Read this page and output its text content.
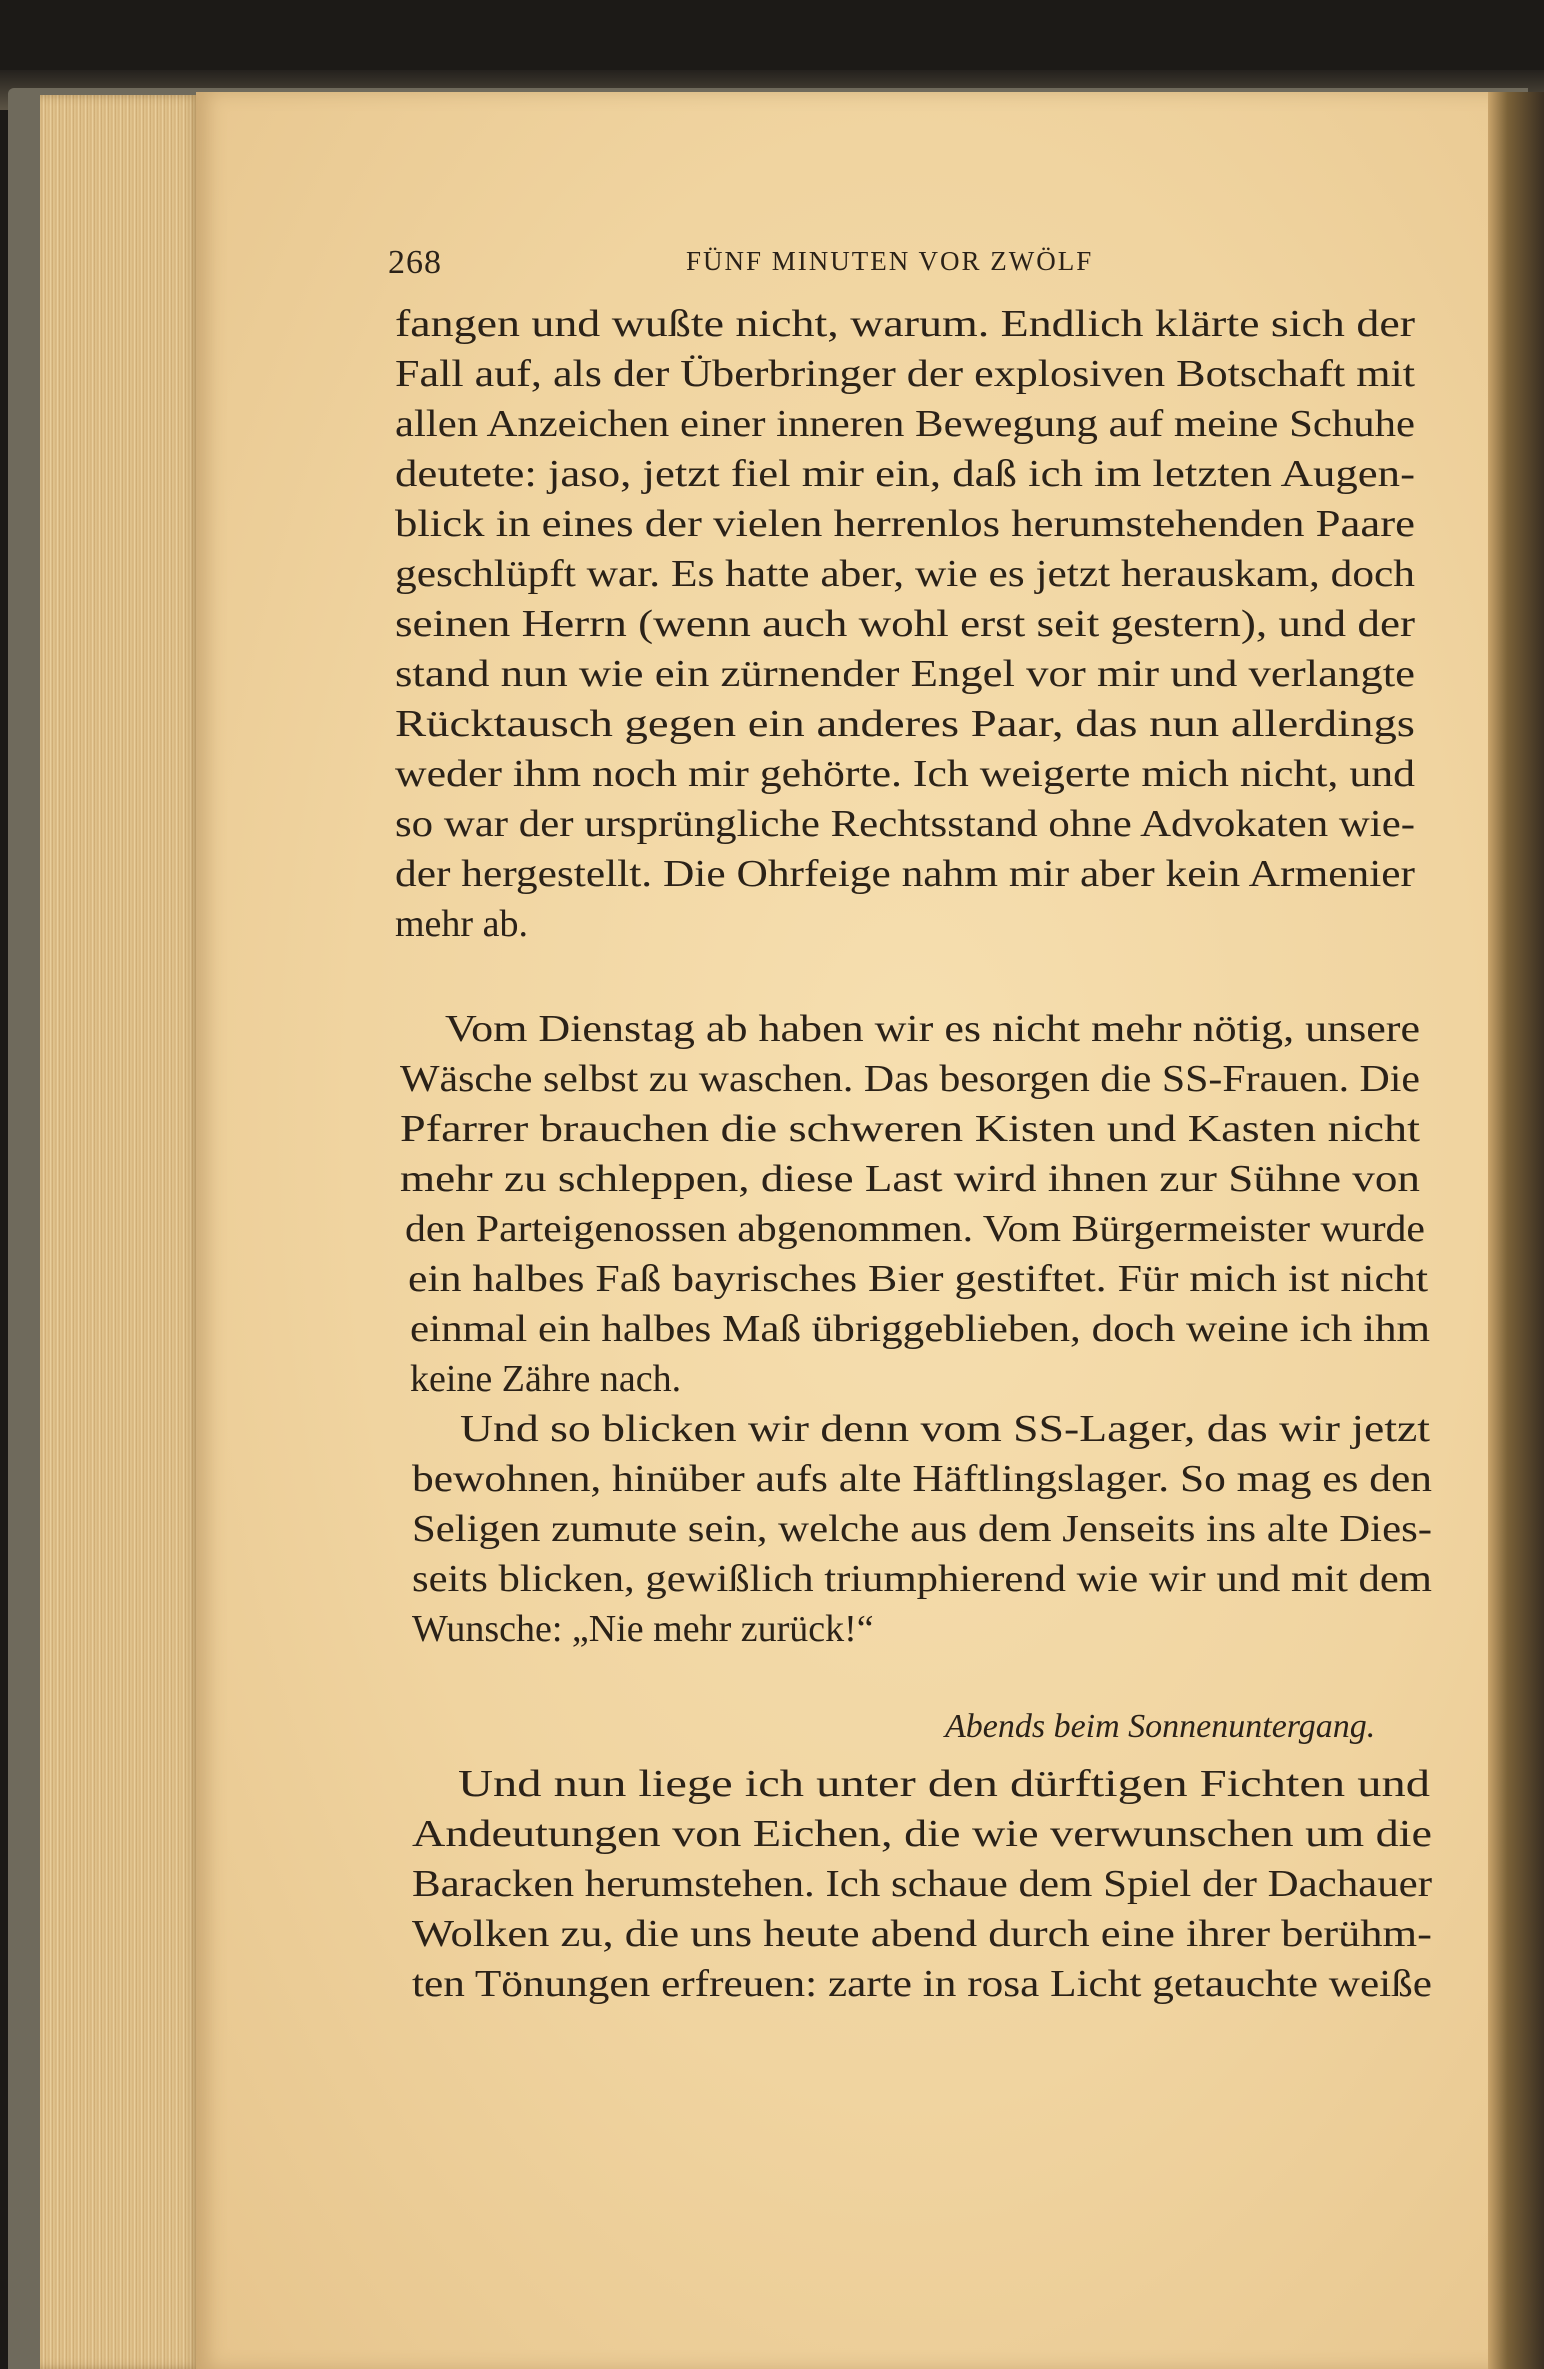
268	FÜNF MINUTEN VOR ZWÖLF
fangen und wußte nicht, warum. Endlich klärte sich der
Fall auf, als der Überbringer der explosiven Botschaft mit
allen Anzeichen einer inneren Bewegung auf meine Schuhe
deutete: jaso, jetzt fiel mir ein, daß ich im letzten Augen-
blick in eines der vielen herrenlos herumstehenden Paare
geschlüpft war. Es hatte aber, wie es jetzt herauskam, doch
seinen Herrn (wenn auch wohl erst seit gestern), und der
stand nun wie ein zürnender Engel vor mir und verlangte
Rücktausch gegen ein anderes Paar, das nun allerdings
weder ihm noch mir gehörte. Ich weigerte mich nicht, und
so war der ursprüngliche Rechtsstand ohne Advokaten wie-
der hergestellt. Die Ohrfeige nahm mir aber kein Armenier
mehr ab.
Vom Dienstag ab haben wir es nicht mehr nötig, unsere
Wäsche selbst zu waschen. Das besorgen die SS-Frauen. Die
Pfarrer brauchen die schweren Kisten und Kasten nicht
mehr zu schleppen, diese Last wird ihnen zur Sühne von
den Parteigenossen abgenommen. Vom Bürgermeister wurde
ein halbes Faß bayrisches Bier gestiftet. Für mich ist nicht
einmal ein halbes Maß übriggeblieben, doch weine ich ihm
keine Zähre nach.
Und so blicken wir denn vom SS-Lager, das wir jetzt
bewohnen, hinüber aufs alte Häftlingslager. So mag es den
Seligen zumute sein, welche aus dem Jenseits ins alte Dies-
seits blicken, gewißlich triumphierend wie wir und mit dem
Wunsche: „Nie mehr zurück!“
Abends beim Sonnenuntergang.
Und nun liege ich unter den dürftigen Fichten und
Andeutungen von Eichen, die wie verwunschen um die
Baracken herumstehen. Ich schaue dem Spiel der Dachauer
Wolken zu, die uns heute abend durch eine ihrer berühm-
ten Tönungen erfreuen: zarte in rosa Licht getauchte weiße
